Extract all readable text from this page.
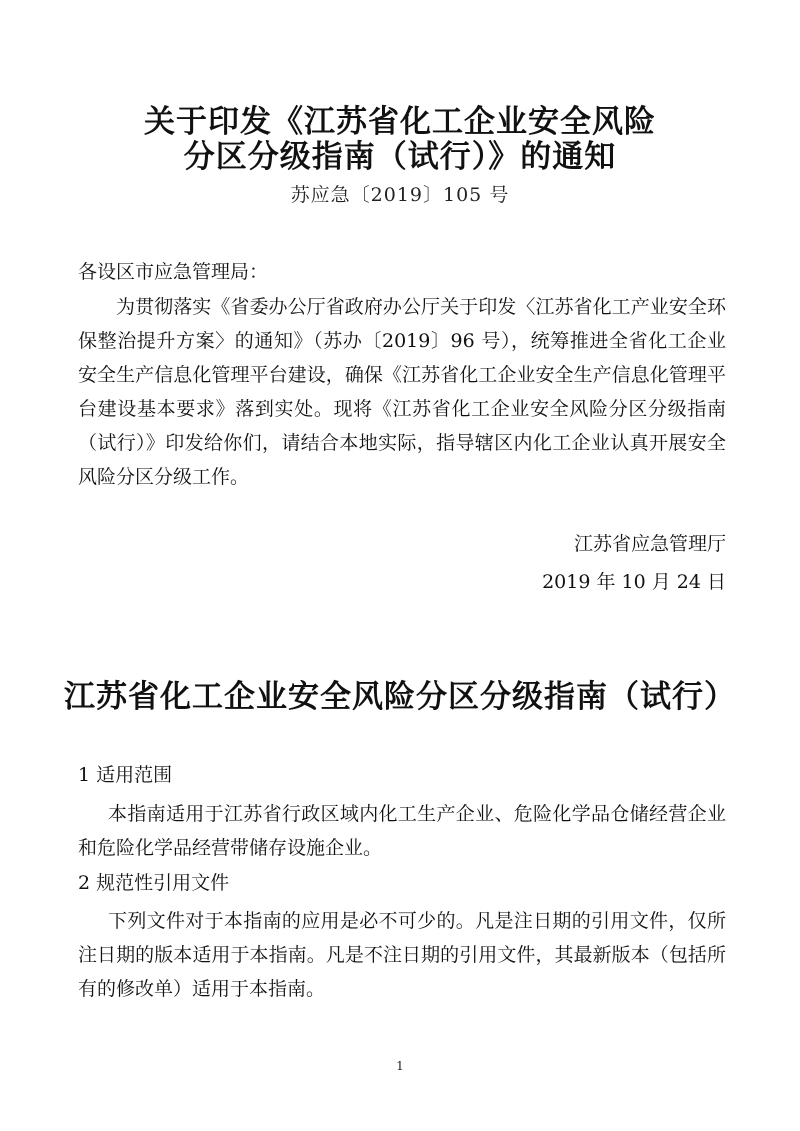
关于印发《江苏省化工企业安全风险
分区分级指南（试行）》的通知
苏应急〔2019〕105 号
各设区市应急管理局：
为贯彻落实《省委办公厅省政府办公厅关于印发〈江苏省化工产业安全环保整治提升方案〉的通知》（苏办〔2019〕96 号），统筹推进全省化工企业安全生产信息化管理平台建设，确保《江苏省化工企业安全生产信息化管理平台建设基本要求》落到实处。现将《江苏省化工企业安全风险分区分级指南（试行）》印发给你们，请结合本地实际，指导辖区内化工企业认真开展安全风险分区分级工作。
江苏省应急管理厅
2019 年 10 月 24 日
江苏省化工企业安全风险分区分级指南（试行）
1 适用范围
本指南适用于江苏省行政区域内化工生产企业、危险化学品仓储经营企业和危险化学品经营带储存设施企业。
2 规范性引用文件
下列文件对于本指南的应用是必不可少的。凡是注日期的引用文件，仅所注日期的版本适用于本指南。凡是不注日期的引用文件，其最新版本（包括所有的修改单）适用于本指南。
1
